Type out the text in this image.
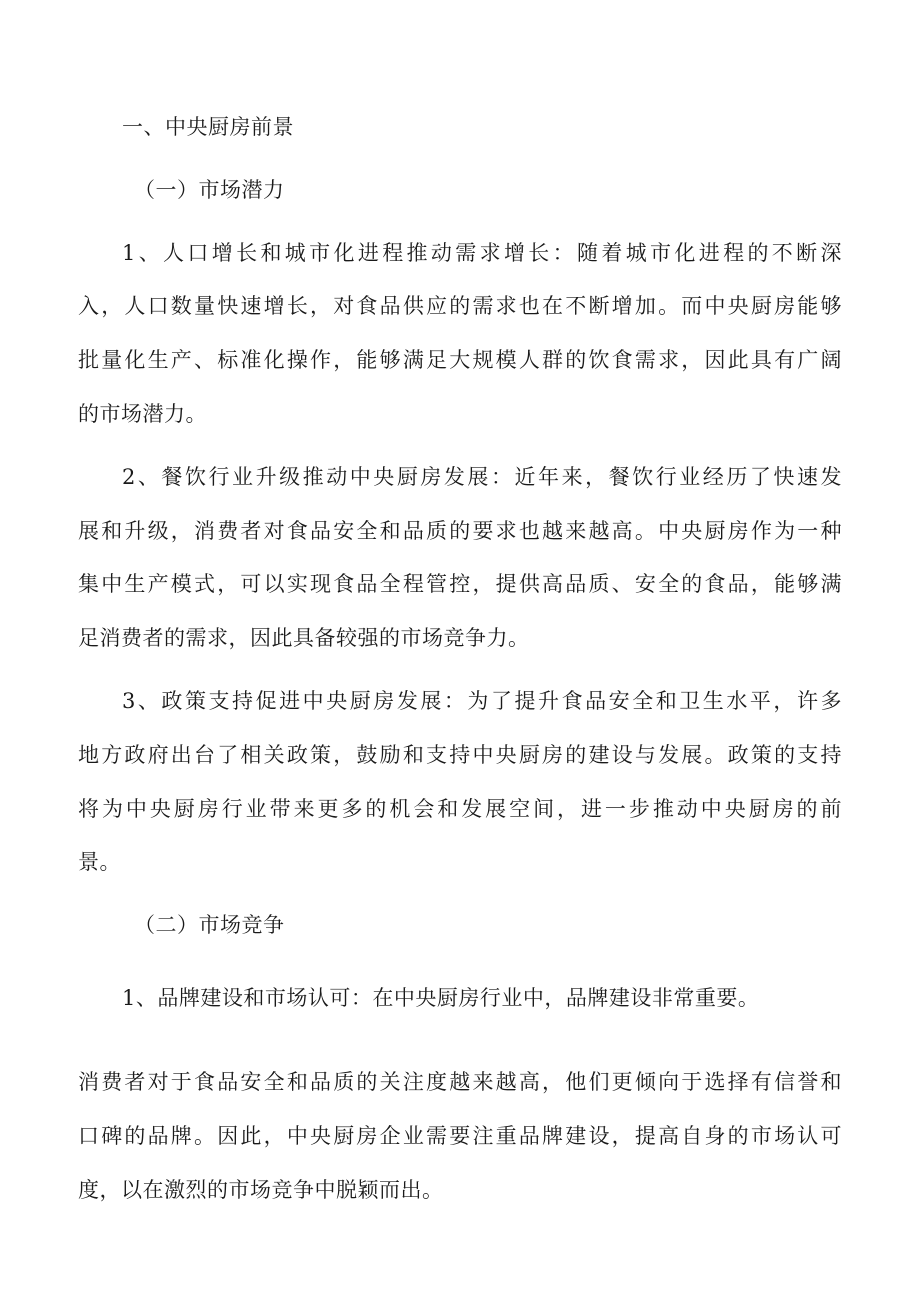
一、中央厨房前景
（一）市场潜力
1、人口增长和城市化进程推动需求增长：随着城市化进程的不断深
入，人口数量快速增长，对食品供应的需求也在不断增加。而中央厨房能够
批量化生产、标准化操作，能够满足大规模人群的饮食需求，因此具有广阔
的市场潜力。
2、餐饮行业升级推动中央厨房发展：近年来，餐饮行业经历了快速发
展和升级，消费者对食品安全和品质的要求也越来越高。中央厨房作为一种
集中生产模式，可以实现食品全程管控，提供高品质、安全的食品，能够满
足消费者的需求，因此具备较强的市场竞争力。
3、政策支持促进中央厨房发展：为了提升食品安全和卫生水平，许多
地方政府出台了相关政策，鼓励和支持中央厨房的建设与发展。政策的支持
将为中央厨房行业带来更多的机会和发展空间，进一步推动中央厨房的前
景。
（二）市场竞争
1、品牌建设和市场认可：在中央厨房行业中，品牌建设非常重要。
消费者对于食品安全和品质的关注度越来越高，他们更倾向于选择有信誉和
口碑的品牌。因此，中央厨房企业需要注重品牌建设，提高自身的市场认可
度，以在激烈的市场竞争中脱颖而出。
